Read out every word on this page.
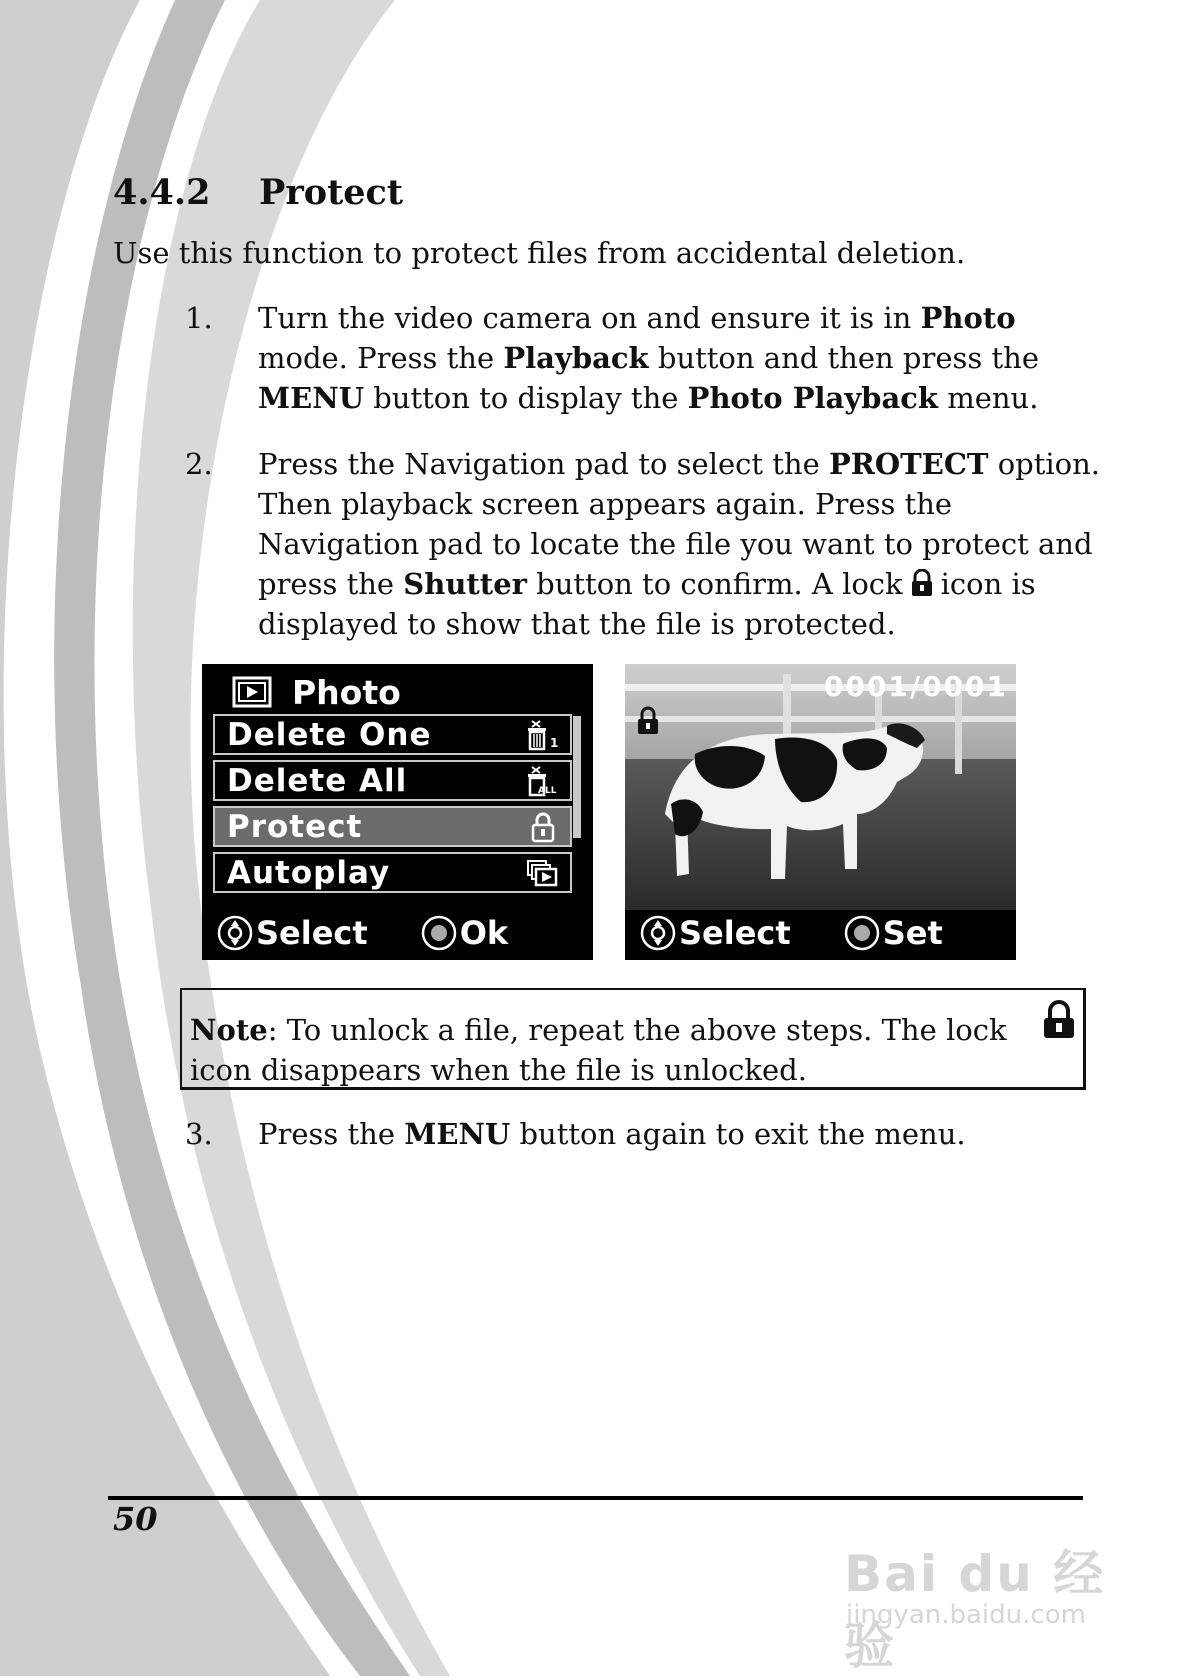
4.4.2 Protect
Use this function to protect files from accidental deletion.
1. Turn the video camera on and ensure it is in Photo mode. Press the Playback button and then press the MENU button to display the Photo Playback menu.
2. Press the Navigation pad to select the PROTECT option. Then playback screen appears again. Press the Navigation pad to locate the file you want to protect and press the Shutter button to confirm. A lock icon is displayed to show that the file is protected.
Photo
Delete One	1
Delete All	ALL
Protect
Autoplay
Select	Ok
0001/0001
Select	Set
Note: To unlock a file, repeat the above steps. The lock icon disappears when the file is unlocked.
3. Press the MENU button again to exit the menu.
50
Bai du 经验
jingyan.baidu.com
